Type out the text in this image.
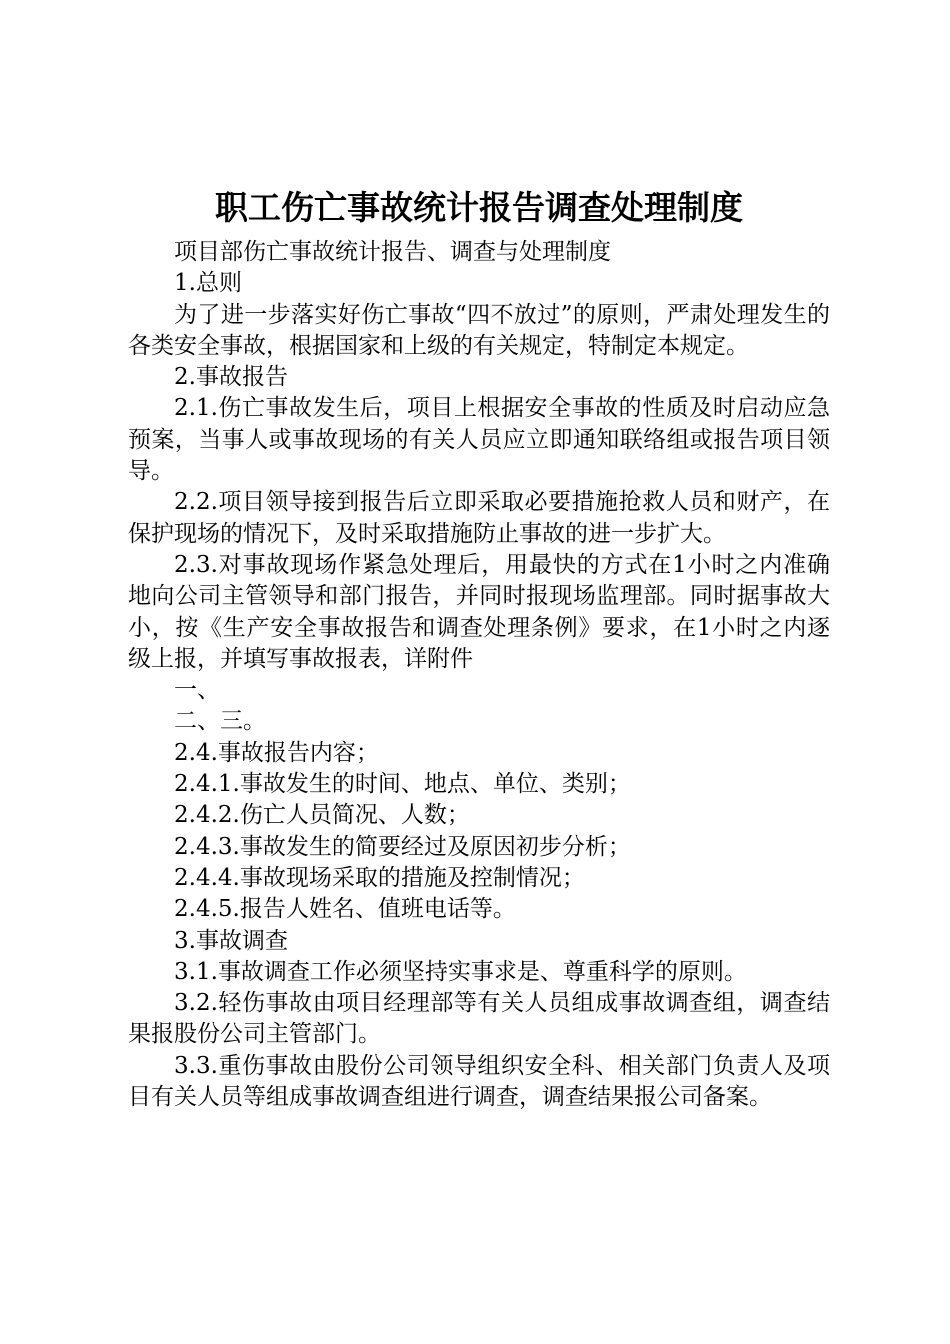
职工伤亡事故统计报告调查处理制度

项目部伤亡事故统计报告、调查与处理制度

1.总则

为了进一步落实好伤亡事故“四不放过”的原则，严肃处理发生的各类安全事故，根据国家和上级的有关规定，特制定本规定。

2.事故报告

2.1.伤亡事故发生后，项目上根据安全事故的性质及时启动应急预案，当事人或事故现场的有关人员应立即通知联络组或报告项目领导。

2.2.项目领导接到报告后立即采取必要措施抢救人员和财产，在保护现场的情况下，及时采取措施防止事故的进一步扩大。

2.3.对事故现场作紧急处理后，用最快的方式在1小时之内准确地向公司主管领导和部门报告，并同时报现场监理部。同时据事故大小，按《生产安全事故报告和调查处理条例》要求，在1小时之内逐级上报，并填写事故报表，详附件

一、

二、三。

2.4.事故报告内容；

2.4.1.事故发生的时间、地点、单位、类别；

2.4.2.伤亡人员简况、人数；

2.4.3.事故发生的简要经过及原因初步分析；

2.4.4.事故现场采取的措施及控制情况；

2.4.5.报告人姓名、值班电话等。

3.事故调查

3.1.事故调查工作必须坚持实事求是、尊重科学的原则。

3.2.轻伤事故由项目经理部等有关人员组成事故调查组，调查结果报股份公司主管部门。

3.3.重伤事故由股份公司领导组织安全科、相关部门负责人及项目有关人员等组成事故调查组进行调查，调查结果报公司备案。
